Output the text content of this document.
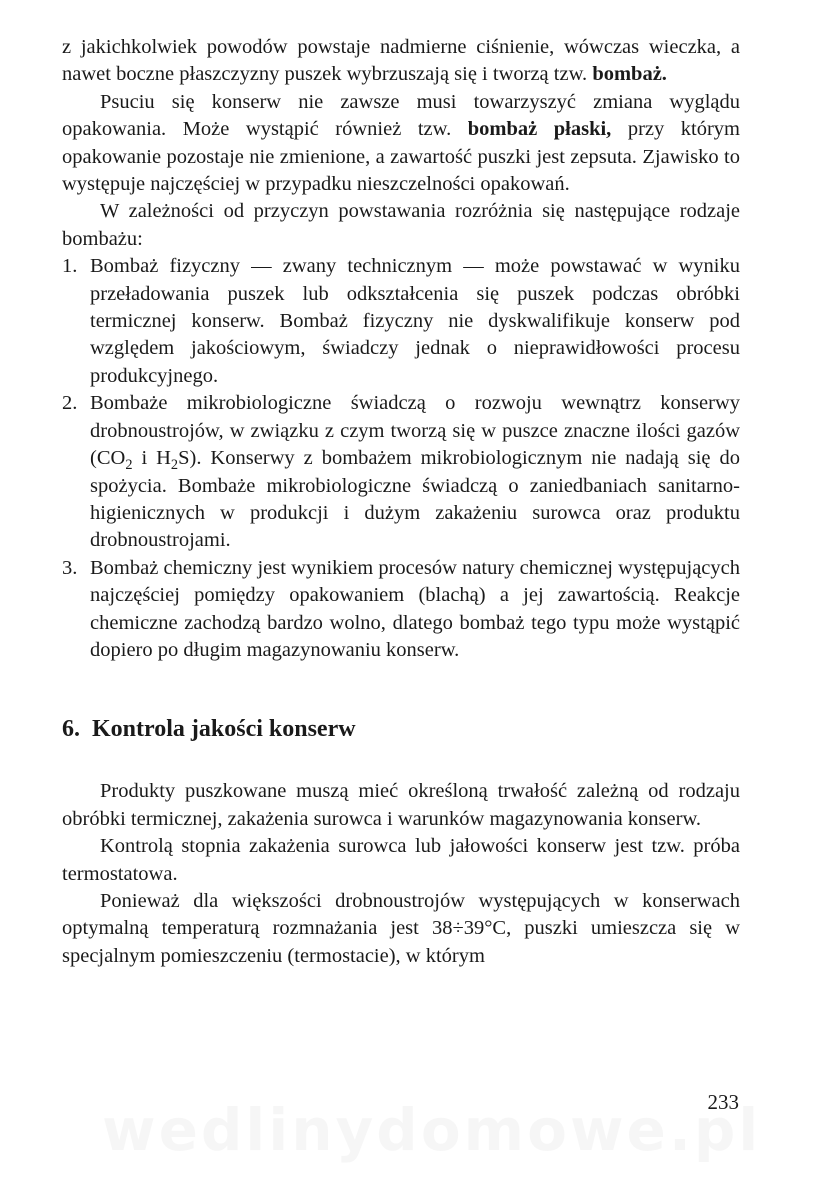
z jakichkolwiek powodów powstaje nadmierne ciśnienie, wówczas wieczka, a nawet boczne płaszczyzny puszek wybrzuszają się i tworzą tzw. bombaż.

Psuciu się konserw nie zawsze musi towarzyszyć zmiana wyglądu opakowania. Może wystąpić również tzw. bombaż płaski, przy którym opakowanie pozostaje nie zmienione, a zawartość puszki jest zepsuta. Zjawisko to występuje najczęściej w przypadku nieszczelności opakowań.

W zależności od przyczyn powstawania rozróżnia się następujące rodzaje bombażu:

1. Bombaż fizyczny — zwany technicznym — może powstawać w wyniku przeładowania puszek lub odkształcenia się puszek podczas obróbki termicznej konserw. Bombaż fizyczny nie dyskwalifikuje konserw pod względem jakościowym, świadczy jednak o nieprawidłowości procesu produkcyjnego.
2. Bombaże mikrobiologiczne świadczą o rozwoju wewnątrz konserwy drobnoustrojów, w związku z czym tworzą się w puszce znaczne ilości gazów ($CO_2$ i $H_2S$). Konserwy z bombażem mikrobiologicznym nie nadają się do spożycia. Bombaże mikrobiologiczne świadczą o zaniedbaniach sanitarno-higienicznych w produkcji i dużym zakażeniu surowca oraz produktu drobnoustrojami.
3. Bombaż chemiczny jest wynikiem procesów natury chemicznej występujących najczęściej pomiędzy opakowaniem (blachą) a jej zawartością. Reakcje chemiczne zachodzą bardzo wolno, dlatego bombaż tego typu może wystąpić dopiero po długim magazynowaniu konserw.
6. Kontrola jakości konserw

Produkty puszkowane muszą mieć określoną trwałość zależną od rodzaju obróbki termicznej, zakażenia surowca i warunków magazynowania konserw.

Kontrolą stopnia zakażenia surowca lub jałowości konserw jest tzw. próba termostatowa.

Ponieważ dla większości drobnoustrojów występujących w konserwach optymalną temperaturą rozmnażania jest 38÷39°C, puszki umieszcza się w specjalnym pomieszczeniu (termostacie), w którym

233
